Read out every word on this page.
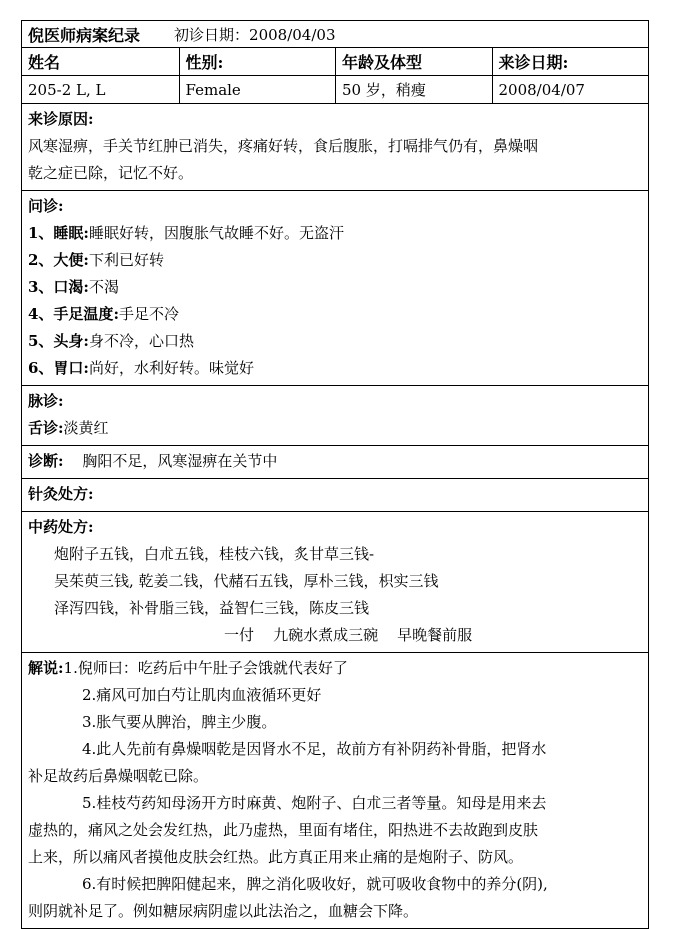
倪医师病案纪录 初诊日期：2008/04/03
姓名	性别:	年龄及体型	来诊日期:
205-2 L, L	Female	50 岁，稍瘦	2008/04/07
来诊原因:
风寒湿痹，手关节红肿已消失，疼痛好转，食后腹胀，打嗝排气仍有，鼻燥咽
乾之症已除，记忆不好。
问诊:
1、睡眠:睡眠好转，因腹胀气故睡不好。无盗汗
2、大便:下利已好转
3、口渴:不渴
4、手足温度:手足不冷
5、头身:身不冷，心口热
6、胃口:尚好，水利好转。味觉好
脉诊:
舌诊:淡黄红
诊断: 胸阳不足，风寒湿痹在关节中
针灸处方:
中药处方:
炮附子五钱，白朮五钱，桂枝六钱，炙甘草三钱-
吴茱萸三钱, 乾姜二钱，代赭石五钱，厚朴三钱，枳实三钱
泽泻四钱，补骨脂三钱，益智仁三钱，陈皮三钱
一付    九碗水煮成三碗    早晚餐前服
解说:1.倪师曰：吃药后中午肚子会饿就代表好了
2.痛风可加白芍让肌肉血液循环更好
3.胀气要从脾治，脾主少腹。
4.此人先前有鼻燥咽乾是因肾水不足，故前方有补阴药补骨脂，把肾水
补足故药后鼻燥咽乾已除。
5.桂枝芍药知母汤开方时麻黄、炮附子、白朮三者等量。知母是用来去
虚热的，痛风之处会发红热，此乃虚热，里面有堵住，阳热进不去故跑到皮肤
上来，所以痛风者摸他皮肤会红热。此方真正用来止痛的是炮附子、防风。
6.有时候把脾阳健起来，脾之消化吸收好，就可吸收食物中的养分(阴),
则阴就补足了。例如糖尿病阴虚以此法治之，血糖会下降。
